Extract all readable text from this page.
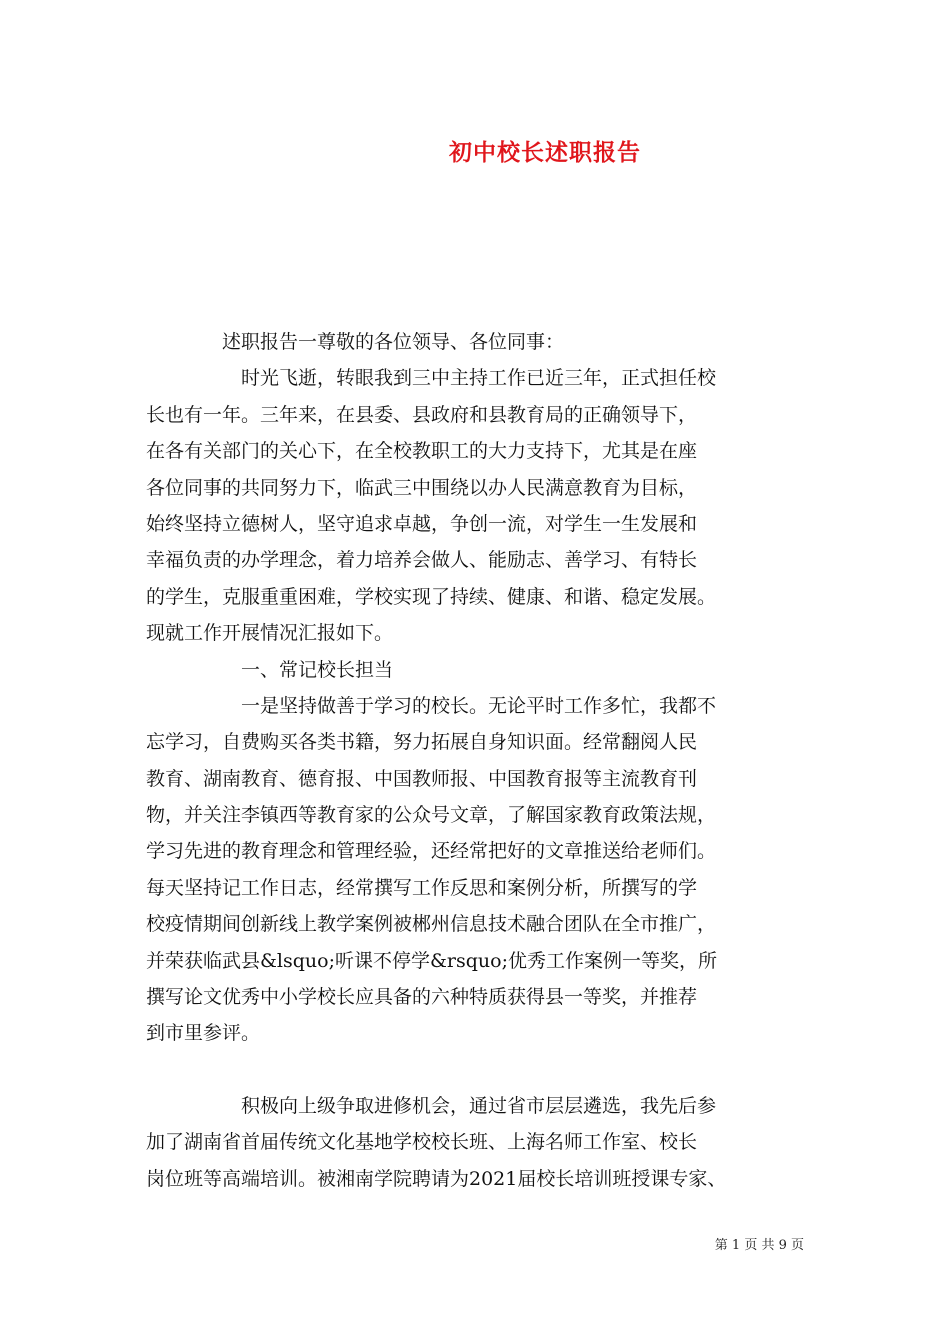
初中校长述职报告
　　　　述职报告一尊敬的各位领导、各位同事：
　　　　　时光飞逝，转眼我到三中主持工作已近三年，正式担任校
长也有一年。三年来，在县委、县政府和县教育局的正确领导下，
在各有关部门的关心下，在全校教职工的大力支持下，尤其是在座
各位同事的共同努力下，临武三中围绕以办人民满意教育为目标，
始终坚持立德树人，坚守追求卓越，争创一流，对学生一生发展和
幸福负责的办学理念，着力培养会做人、能励志、善学习、有特长
的学生，克服重重困难，学校实现了持续、健康、和谐、稳定发展。
现就工作开展情况汇报如下。
　　　　　一、常记校长担当
　　　　　一是坚持做善于学习的校长。无论平时工作多忙，我都不
忘学习，自费购买各类书籍，努力拓展自身知识面。经常翻阅人民
教育、湖南教育、德育报、中国教师报、中国教育报等主流教育刊
物，并关注李镇西等教育家的公众号文章，了解国家教育政策法规，
学习先进的教育理念和管理经验，还经常把好的文章推送给老师们。
每天坚持记工作日志，经常撰写工作反思和案例分析，所撰写的学
校疫情期间创新线上教学案例被郴州信息技术融合团队在全市推广，
并荣获临武县&lsquo;听课不停学&rsquo;优秀工作案例一等奖，所
撰写论文优秀中小学校长应具备的六种特质获得县一等奖，并推荐
到市里参评。
　　　　　积极向上级争取进修机会，通过省市层层遴选，我先后参
加了湖南省首届传统文化基地学校校长班、上海名师工作室、校长
岗位班等高端培训。被湘南学院聘请为2021届校长培训班授课专家、
第 1 页 共 9 页
